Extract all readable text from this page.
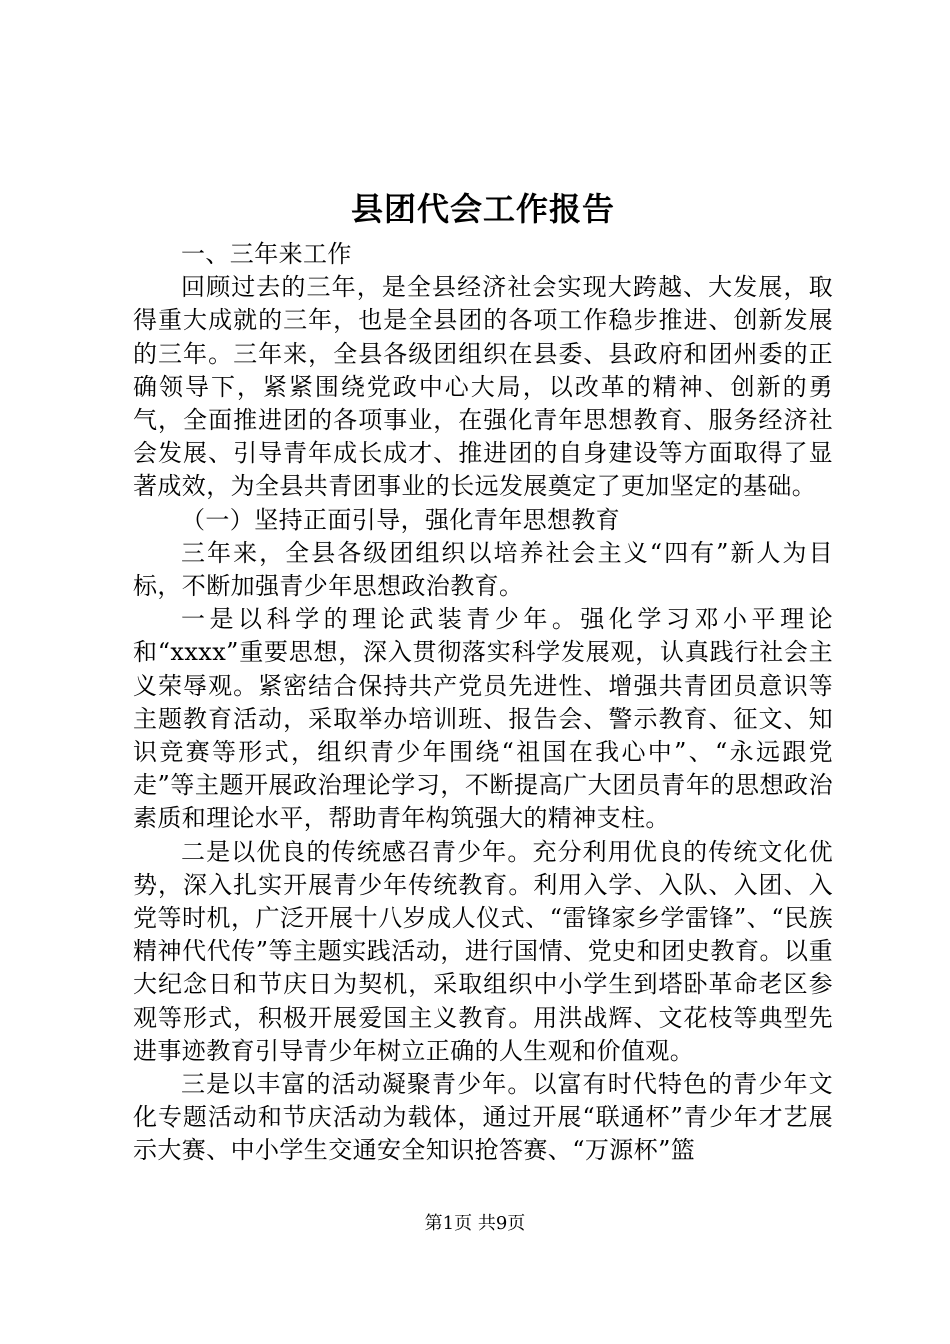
县团代会工作报告

一、三年来工作

回顾过去的三年，是全县经济社会实现大跨越、大发展，取得重大成就的三年，也是全县团的各项工作稳步推进、创新发展的三年。三年来，全县各级团组织在县委、县政府和团州委的正确领导下，紧紧围绕党政中心大局，以改革的精神、创新的勇气，全面推进团的各项事业，在强化青年思想教育、服务经济社会发展、引导青年成长成才、推进团的自身建设等方面取得了显著成效，为全县共青团事业的长远发展奠定了更加坚定的基础。

（一）坚持正面引导，强化青年思想教育

三年来，全县各级团组织以培养社会主义“四有”新人为目标，不断加强青少年思想政治教育。

一是以科学的理论武装青少年。强化学习邓小平理论和“xxxx”重要思想，深入贯彻落实科学发展观，认真践行社会主义荣辱观。紧密结合保持共产党员先进性、增强共青团员意识等主题教育活动，采取举办培训班、报告会、警示教育、征文、知识竞赛等形式，组织青少年围绕“祖国在我心中”、“永远跟党走”等主题开展政治理论学习，不断提高广大团员青年的思想政治素质和理论水平，帮助青年构筑强大的精神支柱。

二是以优良的传统感召青少年。充分利用优良的传统文化优势，深入扎实开展青少年传统教育。利用入学、入队、入团、入党等时机，广泛开展十八岁成人仪式、“雷锋家乡学雷锋”、“民族精神代代传”等主题实践活动，进行国情、党史和团史教育。以重大纪念日和节庆日为契机，采取组织中小学生到塔卧革命老区参观等形式，积极开展爱国主义教育。用洪战辉、文花枝等典型先进事迹教育引导青少年树立正确的人生观和价值观。

三是以丰富的活动凝聚青少年。以富有时代特色的青少年文化专题活动和节庆活动为载体，通过开展“联通杯”青少年才艺展示大赛、中小学生交通安全知识抢答赛、“万源杯”篮

第1页 共9页
